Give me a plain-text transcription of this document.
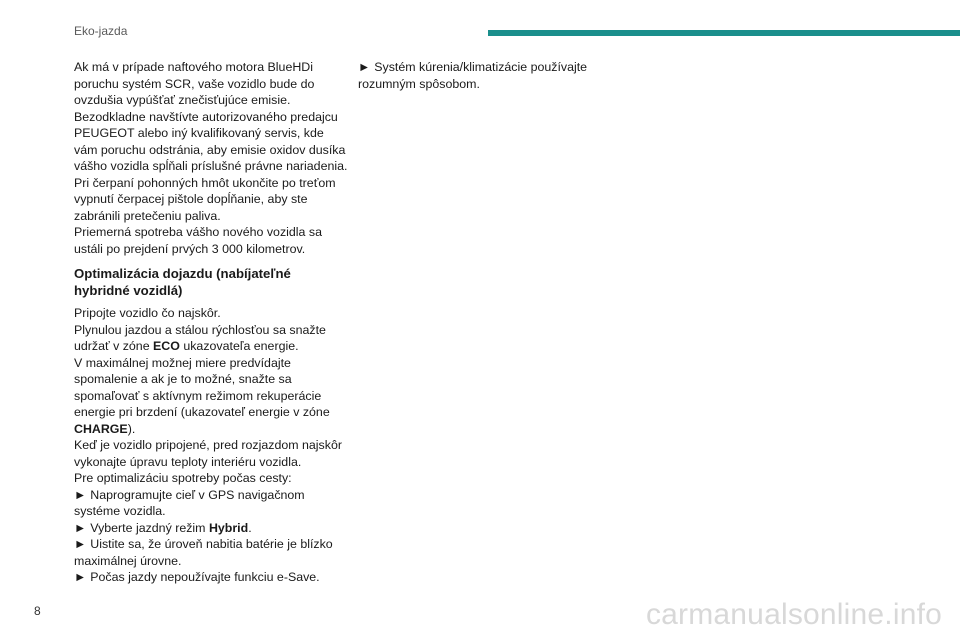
Eko-jazda

Ak má v prípade naftového motora BlueHDi poruchu systém SCR, vaše vozidlo bude do ovzdušia vypúšťať znečisťujúce emisie. Bezodkladne navštívte autorizovaného predajcu PEUGEOT alebo iný kvalifikovaný servis, kde vám poruchu odstránia, aby emisie oxidov dusíka vášho vozidla spĺňali príslušné právne nariadenia.

Pri čerpaní pohonných hmôt ukončite po treťom vypnutí čerpacej pištole dopĺňanie, aby ste zabránili pretečeniu paliva.

Priemerná spotreba vášho nového vozidla sa ustáli po prejdení prvých 3 000 kilometrov.

Optimalizácia dojazdu (nabíjateľné hybridné vozidlá)

Pripojte vozidlo čo najskôr.

Plynulou jazdou a stálou rýchlosťou sa snažte udržať v zóne ECO ukazovateľa energie.

V maximálnej možnej miere predvídajte spomalenie a ak je to možné, snažte sa spomaľovať s aktívnym režimom rekuperácie energie pri brzdení (ukazovateľ energie v zóne CHARGE).

Keď je vozidlo pripojené, pred rozjazdom najskôr vykonajte úpravu teploty interiéru vozidla.

Pre optimalizáciu spotreby počas cesty:

► Naprogramujte cieľ v GPS navigačnom systéme vozidla.

► Vyberte jazdný režim Hybrid.

► Uistite sa, že úroveň nabitia batérie je blízko maximálnej úrovne.

► Počas jazdy nepoužívajte funkciu e-Save.

► Systém kúrenia/klimatizácie používajte rozumným spôsobom.

8	carmanualsonline.info
